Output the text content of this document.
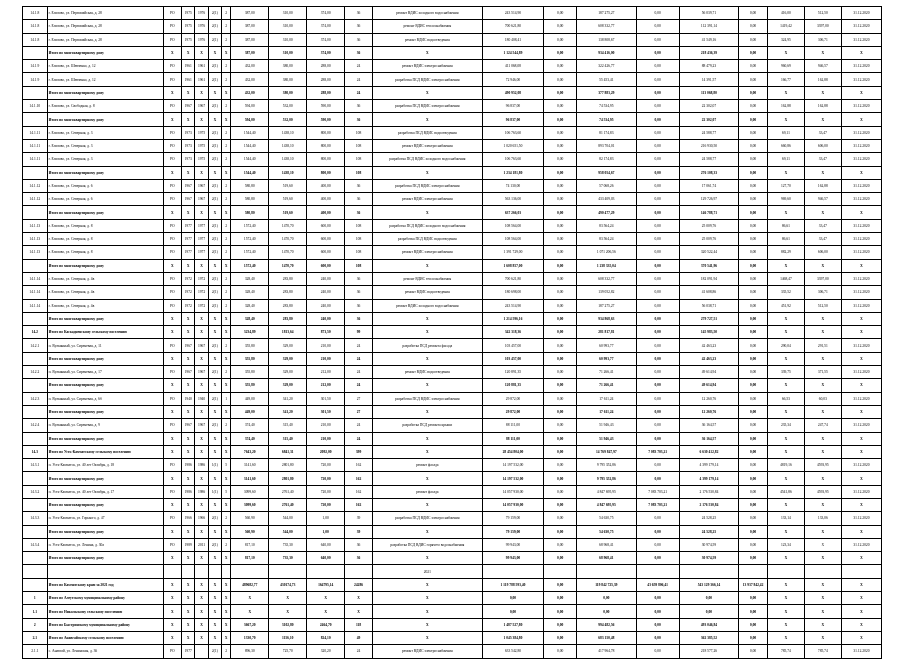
14.1.8	г. Елизово, ул. Первомайская, д. 28	РО	1975	1976	2(1)	2	387,00	310,00	374,00	36	ремонт ВДИС холодного водоснабжения	243 514,90	0,00	187 275,27	0,00	56 039,71	0,00	416,00	512,50	31.12.2020
14.1.8	г. Елизово, ул. Первомайская, д. 28	РО	1975	1976	2(1)	2	387,00	310,00	374,00	36	ремонт ВДИС теплоснабжения	700 621,80	0,00	608 332,77	0,00	112 391,14	0,00	1419,42	3397,00	31.12.2020
14.1.8	г. Елизово, ул. Первомайская, д. 28	РО	1975	1976	2(1)	2	387,00	310,00	374,00	36	ремонт ВДИС водоотведения	180 408,41	0,00	138 808,67	0,00	41 549,16	0,00	324,95	306,71	31.12.2020
	Итого по многоквартирному дому	X	X	X	X	X	387,00	310,00	374,00	36	X	1 124 544,89	0,00	934 416,00	0,00	218 436,39	0,00	X	X	X
14.1.9	г. Елизово, ул. Шевченко, д. 12	РО	1961	1961	2(1)	2	432,00	380,00	288,00	24	ремонт ВДИС электроснабжения	411 068,08	0,00	322 426,77	0,00	88 479,23	0,00	960,69	946,57	31.12.2020
14.1.9	г. Елизово, ул. Шевченко, д. 12	РО	1961	1961	2(1)	2	432,00	380,00	288,00	24	разработка ПСД ВДИС электроснабжения	72 946,00	0,00	55 453,41	0,00	14 391,57	0,00	166,77	162,88	31.12.2020
	Итого по многоквартирному дому	X	X	X	X	X	432,00	380,00	288,00	24	X	490 952,08	0,00	377 883,29	0,00	113 068,80	0,00	X	X	X
14.1.10	г. Елизово, ул. Свободная, д. 8	РО	1967	1967	2(1)	2	594,00	532,00	590,00	36	разработка ПСД ВДИС электроснабжения	96 837,00	0,00	74 534,95	0,00	22 302,07	0,00	162,88	162,88	31.12.2020
	Итого по многоквартирному дому	X	X	X	X	X	594,00	532,00	590,00	36	X	96 837,00	0,00	74 534,95	0,00	22 302,07	0,00	X	X	X
14.1.11	г. Елизово, ул. Северная, д. 3	РО	1973	1975	2(1)	2	1544,40	1438,10	800,00	108	разработка ПСД ВДИС водоотведения	106 763,60	0,00	81 174,83	0,00	24 588,77	0,00	69,11	33,47	31.12.2020
14.1.11	г. Елизово, ул. Северная, д. 3	РО	1973	1975	2(1)	2	1544,40	1438,10	800,00	108	ремонт ВДИС электроснабжения	1 020 651,50	0,00	893 704,01	0,00	216 930,50	0,00	660,86	606,00	31.12.2020
14.1.11	г. Елизово, ул. Северная, д. 3	РО	1973	1975	2(1)	2	1544,40	1438,10	800,00	108	разработка ПСД ВДИС холодного водоснабжения	106 763,60	0,00	82 174,83	0,00	24 588,77	0,00	69,11	33,47	31.12.2020
	Итого по многоквартирному дому	X	X	X	X	X	1544,40	1438,10	800,00	108	X	1 234 181,80	0,00	958 054,67	0,00	276 108,33	0,00	X	X	X
14.1.12	г. Елизово, ул. Северная, д. 6	РО	1967	1967	2(1)	2	580,80	519,60	400,00	36	разработка ПСД ВДИС электроснабжения	74 130,00	0,00	57 068,26	0,00	17 061,74	0,00	127,70	162,88	31.12.2020
14.1.12	г. Елизово, ул. Северная, д. 6	РО	1967	1967	2(1)	2	580,80	519,60	400,00	36	ремонт ВДИС электроснабжения	563 136,00	0,00	433 409,03	0,00	129 726,97	0,00	969,60	946,57	31.12.2020
	Итого по многоквартирному дому	X	X	X	X	X	580,80	519,60	400,00	36	X	637 266,03	0,00	490 477,29	0,00	146 788,71	0,00	X	X	X
14.1.13	г. Елизово, ул. Северная, д. 8	РО	1977	1977	2(1)	2	1572,40	1470,70	600,00	108	разработка ПСД ВДИС холодного водоснабжения	108 564,00	0,00	83 564,24	0,00	25 009,76	0,00	86,61	33,47	31.12.2020
14.1.13	г. Елизово, ул. Северная, д. 8	РО	1977	1977	2(1)	2	1572,40	1470,70	600,00	108	разработка ПСД ВДИС водоотведения	108 564,00	0,00	83 564,24	0,00	25 009,76	0,00	86,61	33,47	31.12.2020
14.1.13	г. Елизово, ул. Северная, д. 8	РО	1977	1977	2(1)	2	1572,40	1470,70	600,00	108	ремонт ВДИС электроснабжения	1 391 729,00	0,00	1 071 206,56	0,00	320 522,44	0,00	882,29	606,00	31.12.2020
	Итого по многоквартирному дому	X	X	X	X	X	1572,40	1470,70	600,00	108	X	1 608 857,00	0,00	1 238 335,04	0,00	370 541,96	0,00	X	X	X
14.1.14	г. Елизово, ул. Северная, д. 4в	РО	1972	1972	2(1)	2	328,40	283,80	240,00	36	ремонт ВДИС теплоснабжения	700 621,80	0,00	608 332,77	0,00	182 091,94	0,00	1468,47	3397,00	31.12.2020
14.1.14	г. Елизово, ул. Северная, д. 4в	РО	1972	1972	2(1)	2	328,40	283,80	240,00	36	ремонт ВДИС водоотведения	180 698,00	0,00	139 052,82	0,00	41 608,86	0,00	335,52	306,71	31.12.2020
14.1.14	г. Елизово, ул. Северная, д. 4в	РО	1972	1972	2(1)	2	328,40	283,80	240,00	36	ремонт ВДИС холодного водоснабжения	243 514,90	0,00	187 275,27	0,00	56 038,71	0,00	451,92	512,50	31.12.2020
	Итого по многоквартирному дому	X	X	X	X	X	328,40	283,80	240,00	36	X	1 214 596,16	0,00	934 868,63	0,00	279 727,51	0,00	X	X	X
14.2	Итого по Каскадненскому сельскому поселению	X	X	X	X	X	3234,89	1813,64	873,50	99	X	342 318,36	0,00	281 817,81	0,00	145 983,50	0,00	X	X	X
14.2.1	п. Вулканный, ул. Сиреневая, д. 11	РО	1967	1967	2(1)	2	355,80	329,00	210,00	24	разработка ПСД ремонта фасада	103 457,00	0,00	60 993,77	0,00	42 463,23	0,00	290,04	291,51	31.12.2020
	Итого по многоквартирному дому	X	X	X	X	X	355,80	329,00	210,00	24	X	103 457,00	0,00	60 993,77	0,00	42 463,23	0,00	X	X	X
14.2.2	п. Вулканный, ул. Сиреневая, д. 17	РО	1967	1967	2(1)	2	355,80	329,00	212,00	24	ремонт ВДИС водоотведения	120 891,35	0,00	71 266,41	0,00	49 614,94	0,00	339,75	371,55	31.12.2020
	Итого по многоквартирному дому	X	X	X	X	X	355,80	329,00	212,00	24	X	120 881,35	0,00	71 266,41	0,00	49 614,94	0,00	X	X	X
14.2.3	п. Вулканный, ул. Сиреневая, д. 6б	РО	1940	1940	2(1)	1	449,00	341,20	301,50	27	разработка ПСД ВДИС электроснабжения	29 872,00	0,00	17 611,24	0,00	12 260,76	0,00	66,53	60,03	31.12.2020
	Итого по многоквартирному дому	X	X	X	X	X	449,00	341,20	301,50	27	X	29 872,00	0,00	17 611,24	0,00	12 260,76	0,00	X	X	X
14.2.4	п. Вулканный, ул. Сиреневая, д. 9	РО	1967	1967	2(1)	2	374,40	315,40	210,00	24	разработка ПСД ремонта крыши	88 111,00	0,00	51 946,43	0,00	36 164,57	0,00	235,34	247,74	31.12.2020
	Итого по многоквартирному дому	X	X	X	X	X	374,40	315,40	210,00	24	X	88 111,00	0,00	51 946,43	0,00	36 164,57	0,00	X	X	X
14.3	Итого по Усть-Камчатскому сельскому поселению	X	X	X	X	X	7643,20	6841,31	2092,00	399	X	28 454 804,00	0,00	14 769 847,97	7 083 703,21	6 630 412,82	0,00	X	X	X
14.3.1	п. Усть-Камчатск, ул. 40 лет Октября, д. 18	РО	1986	1986	1(1)	5	3141,60	2801,80	720,00	162	ремонт фасада	14 197 532,00	0,00	9 795 352,86	0,00	4 399 179,14	0,00	4819,16	4593,95	31.12.2020
	Итого по многоквартирному дому	X	X	X	X	X	3141,60	2801,80	720,00	162	X	14 197 532,00	0,00	9 795 352,86	0,00	4 399 179,14	0,00	X	X	X
14.3.2	п. Усть-Камчатск, ул. 40 лет Октября, д. 17	РО	1986	1986	1(1)	5	3099,60	2761,40	720,00	162	ремонт фасада	14 057 930,00	0,00	4 847 695,95	7 083 703,21	2 176 530,84	0,00	4541,86	4593,95	31.12.2020
	Итого по многоквартирному дому	X	X	X	X	X	3099,60	2761,40	720,00	162	X	14 057 930,00	0,00	4 847 695,95	7 083 703,21	2 176 530,84	0,00	X	X	X
14.3.3	п. Усть-Камчатск, ул. Горького, д. 47	РО	1966	1966	2(1)	2	560,90	544,00	1,00	39	разработка ПСД ВДИС электроснабжения	79 159,00	0,00	54 630,75	0,00	24 528,25	0,00	133,14	133,06	31.12.2020
	Итого по многоквартирному дому	X	X	X	X	X	560,90	544,00	1,00	39	X	79 159,00	0,00	54 630,75	0,00	24 528,25	0,00	X	X	X
14.3.4	п. Усть-Камчатск, ул. Ленина, д. 30а	РО	1989	2011	2(1)	2	817,10	735,30	640,00	36	разработка ПСД ВДИС горячего водоснабжения	99 943,00	0,00	68 968,41	0,00	30 974,59	0,00	123,34	X	31.12.2020
	Итого по многоквартирному дому	X	X	X	X	X	817,10	735,30	640,00	36	X	99 943,00	0,00	68 968,41	0,00	30 974,59	0,00	X	X	X
											2021									
	Итого по Камчатскому краю за 2021 год	X	X	X	X	X	489682,77	430174,73	164795,14	24286	X	1 119 788 593,40	0,00	119 842 725,39	43 659 806,41	543 129 366,14	13 937 842,42	X	X	X
1	Итого по Алеутскому муниципальному району	X	X	X	X	X	X	X	X	X	X	0,00	0,00	0,00	0,00	0,00	0,00	X	X	X
1.1	Итого по Никольскому сельскому поселению	X	X	X	X	X	X	X	X	X	X	0,00	0,00	0,00	0,00	0,00	0,00	X	X	X
2	Итого по Быстринскому муниципальному району	X	X	X	X	X	3667,20	3102,80	2464,70	118	X	1 487 527,80	0,00	994 482,56	0,00	493 046,84	0,00	X	X	X
2.1	Итого по Анавгайскому сельскому поселению	X	X	X	X	X	1330,70	1156,10	824,10	49	X	1 045 384,80	0,00	683 150,48	0,00	362 385,52	0,00	X	X	X
2.1.1	с. Анавгай, ул. Ленинская, д. 36	РО	1977		2(1)	2	896,30	725,70	320,20	24	ремонт ВДИС электроснабжения	633 542,80	0,00	417 964,78	0,00	218 577,26	0,00	785,74	785,74	31.12.2020
